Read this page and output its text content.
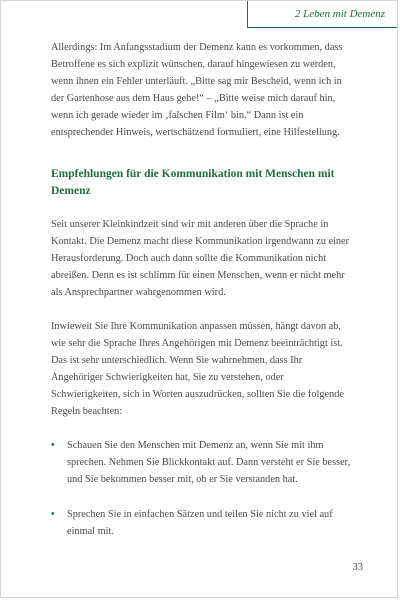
2 Leben mit Demenz

Allerdings: Im Anfangsstadium der Demenz kann es vorkommen, dass Betroffene es sich explizit wünschen, darauf hingewiesen zu werden, wenn ihnen ein Fehler unterläuft. „Bitte sag mir Bescheid, wenn ich in der Gartenhose aus dem Haus gehe!“ – „Bitte weise mich darauf hin, wenn ich gerade wieder im ‚falschen Film‘ bin.“ Dann ist ein entsprechender Hinweis, wertschätzend formuliert, eine Hilfestellung.

Empfehlungen für die Kommunikation mit Menschen mit Demenz

Seit unserer Kleinkindzeit sind wir mit anderen über die Sprache in Kontakt. Die Demenz macht diese Kommunikation irgendwann zu einer Herausforderung. Doch auch dann sollte die Kommunikation nicht abreißen. Denn es ist schlimm für einen Menschen, wenn er nicht mehr als Ansprechpartner wahrgenommen wird.

Inwieweit Sie Ihre Kommunikation anpassen müssen, hängt davon ab, wie sehr die Sprache Ihres Angehörigen mit Demenz beeinträchtigt ist. Das ist sehr unterschiedlich. Wenn Sie wahrnehmen, dass Ihr Angehöriger Schwierigkeiten hat, Sie zu verstehen, oder Schwierigkeiten, sich in Worten auszudrücken, sollten Sie die folgende Regeln beachten:

• Schauen Sie den Menschen mit Demenz an, wenn Sie mit ihm sprechen. Nehmen Sie Blickkontakt auf. Dann versteht er Sie besser, und Sie bekommen besser mit, ob er Sie verstanden hat.
• Sprechen Sie in einfachen Sätzen und teilen Sie nicht zu viel auf einmal mit.
33
